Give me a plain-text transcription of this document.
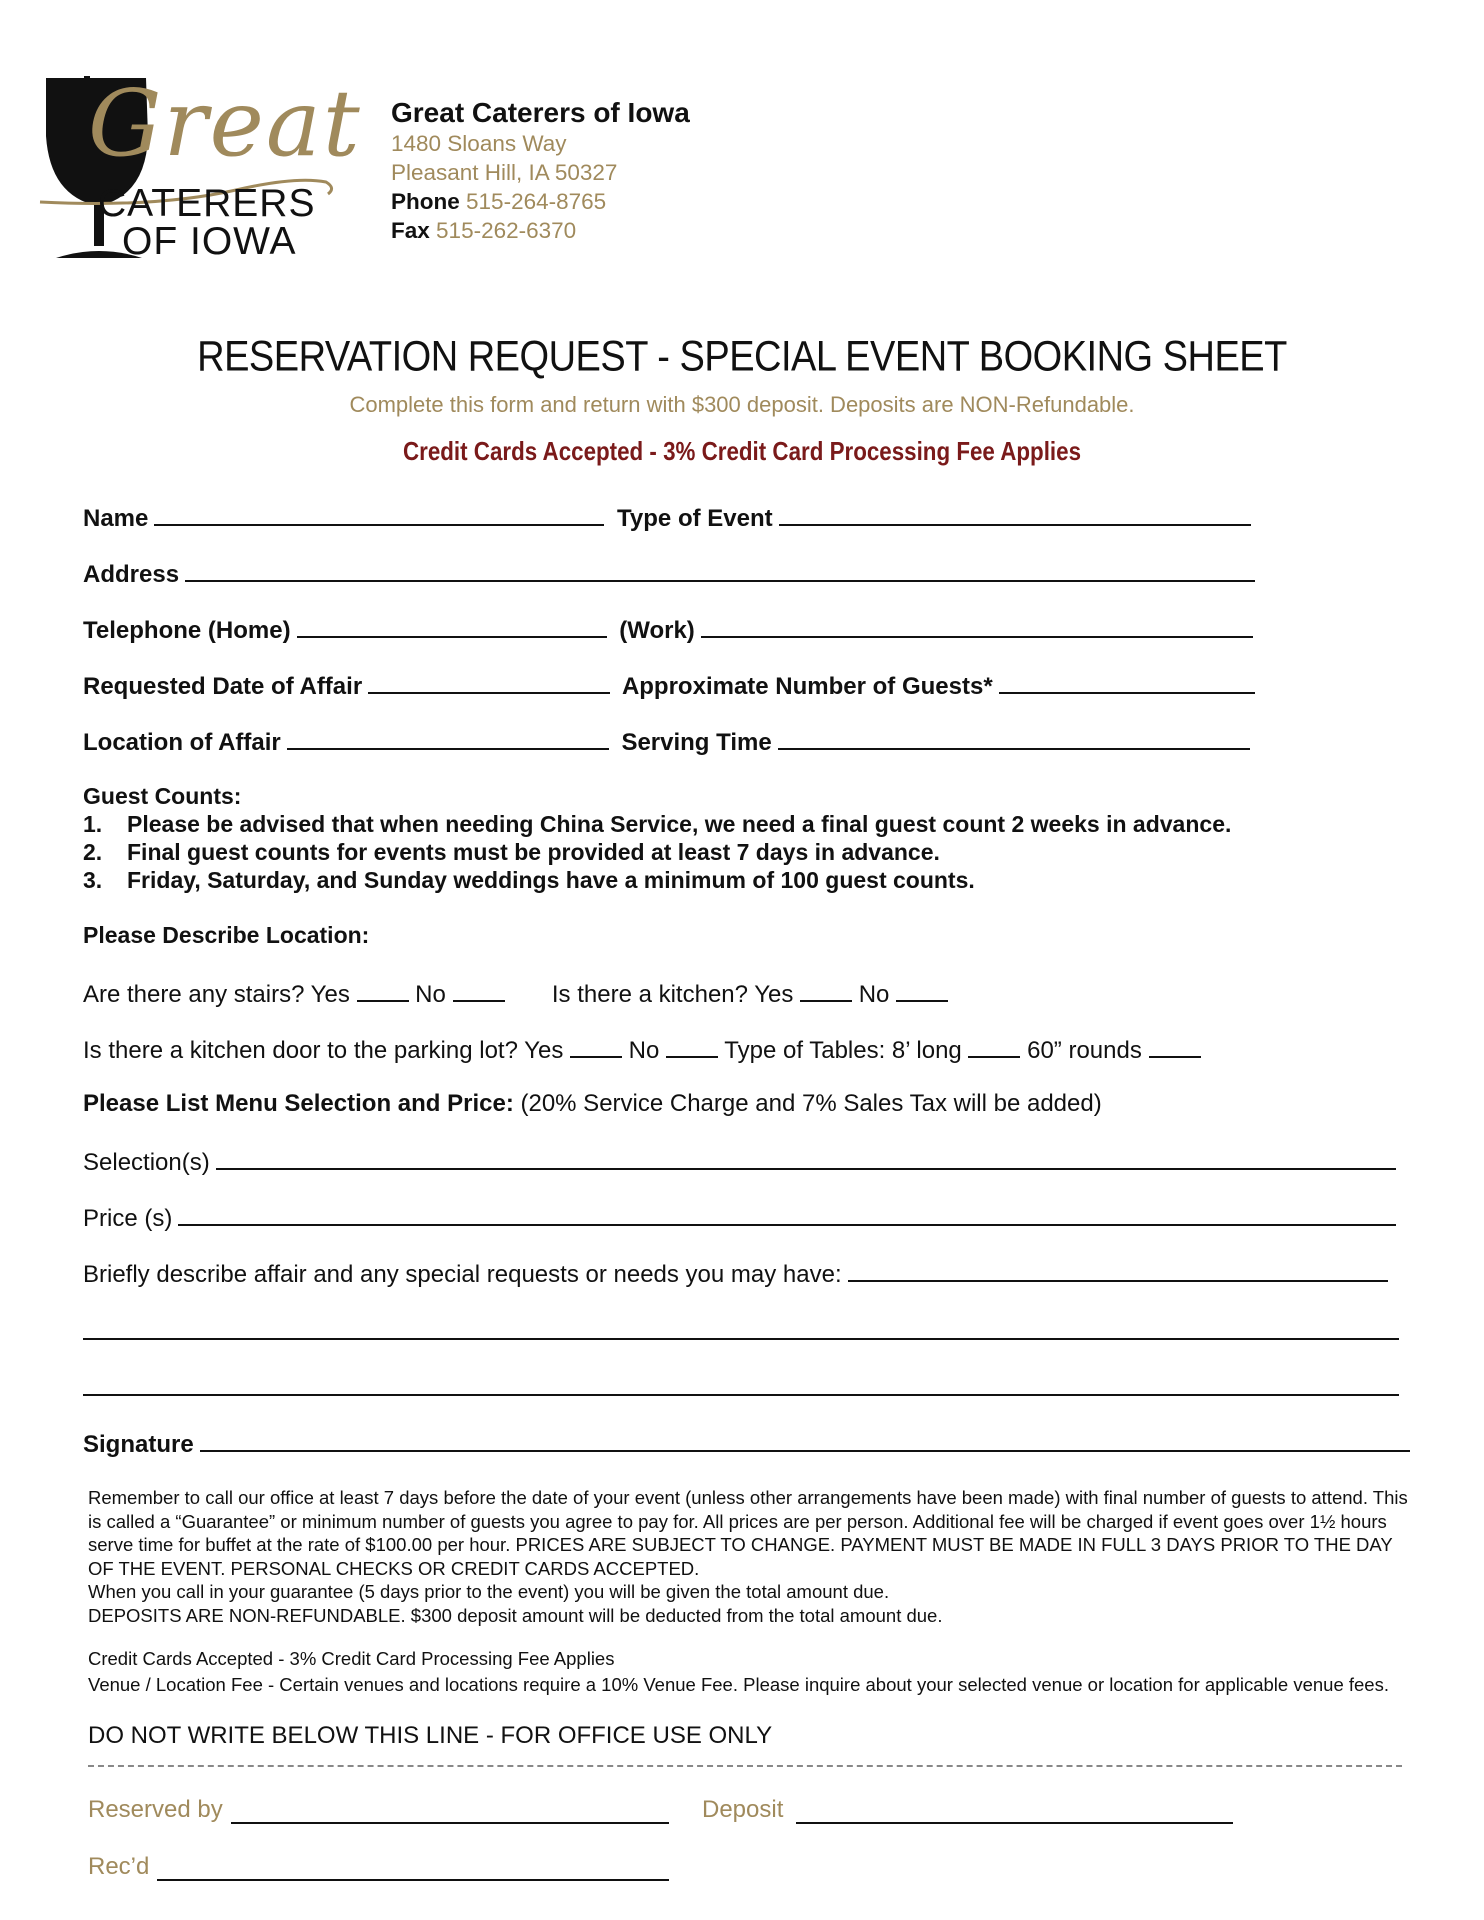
Great
CATERERS
OF IOWA
Great Caterers of Iowa
1480 Sloans Way
Pleasant Hill, IA 50327
Phone 515-264-8765
Fax 515-262-6370
RESERVATION REQUEST - SPECIAL EVENT BOOKING SHEET
Complete this form and return with $300 deposit. Deposits are NON-Refundable.
Credit Cards Accepted - 3% Credit Card Processing Fee Applies
Name	Type of Event
Address
Telephone (Home)	(Work)
Requested Date of Affair	Approximate Number of Guests*
Location of Affair	Serving Time
Guest Counts:
1. Please be advised that when needing China Service, we need a final guest count 2 weeks in advance.
2. Final guest counts for events must be provided at least 7 days in advance.
3. Friday, Saturday, and Sunday weddings have a minimum of 100 guest counts.
Please Describe Location:
Are there any stairs? Yes	No	Is there a kitchen? Yes	No
Is there a kitchen door to the parking lot? Yes	No	Type of Tables: 8’ long	60” rounds
Please List Menu Selection and Price: (20% Service Charge and 7% Sales Tax will be added)
Selection(s)
Price (s)
Briefly describe affair and any special requests or needs you may have:
Signature

Remember to call our office at least 7 days before the date of your event (unless other arrangements have been made) with final number of guests to attend. This is called a “Guarantee” or minimum number of guests you agree to pay for. All prices are per person. Additional fee will be charged if event goes over 1½ hours serve time for buffet at the rate of $100.00 per hour. PRICES ARE SUBJECT TO CHANGE. PAYMENT MUST BE MADE IN FULL 3 DAYS PRIOR TO THE DAY OF THE EVENT. PERSONAL CHECKS OR CREDIT CARDS ACCEPTED.

When you call in your guarantee (5 days prior to the event) you will be given the total amount due.

DEPOSITS ARE NON-REFUNDABLE. $300 deposit amount will be deducted from the total amount due.

Credit Cards Accepted - 3% Credit Card Processing Fee Applies

Venue / Location Fee - Certain venues and locations require a 10% Venue Fee. Please inquire about your selected venue or location for applicable venue fees.

DO NOT WRITE BELOW THIS LINE - FOR OFFICE USE ONLY
Reserved by	Deposit
Rec’d
